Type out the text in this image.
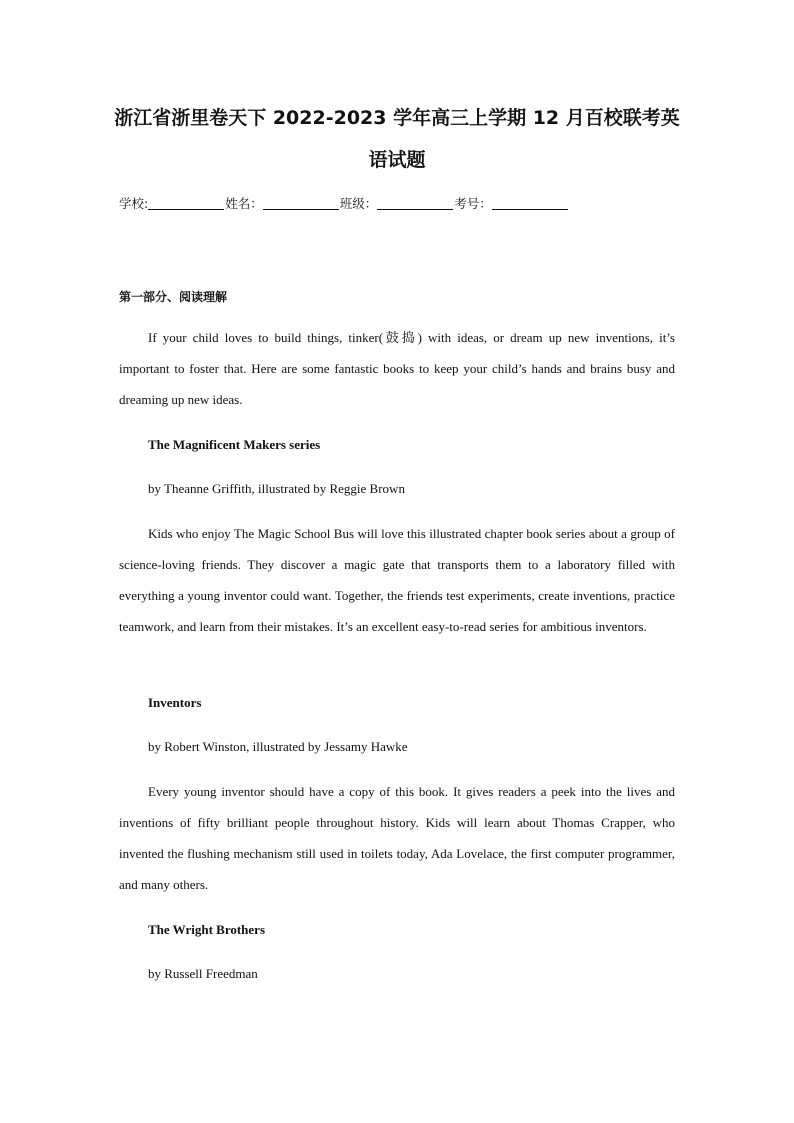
浙江省浙里卷天下 2022-2023 学年高三上学期 12 月百校联考英
语试题
学校:	姓名：	班级：	考号：
第一部分、阅读理解

If your child loves to build things, tinker(鼓捣) with ideas, or dream up new inventions, it’s important to foster that. Here are some fantastic books to keep your child’s hands and brains busy and dreaming up new ideas.

The Magnificent Makers series
by Theanne Griffith, illustrated by Reggie Brown

Kids who enjoy The Magic School Bus will love this illustrated chapter book series about a group of science-loving friends. They discover a magic gate that transports them to a laboratory filled with everything a young inventor could want. Together, the friends test experiments, create inventions, practice teamwork, and learn from their mistakes. It’s an excellent easy-to-read series for ambitious inventors.

Inventors
by Robert Winston, illustrated by Jessamy Hawke

Every young inventor should have a copy of this book. It gives readers a peek into the lives and inventions of fifty brilliant people throughout history. Kids will learn about Thomas Crapper, who invented the flushing mechanism still used in toilets today, Ada Lovelace, the first computer programmer, and many others.

The Wright Brothers
by Russell Freedman
